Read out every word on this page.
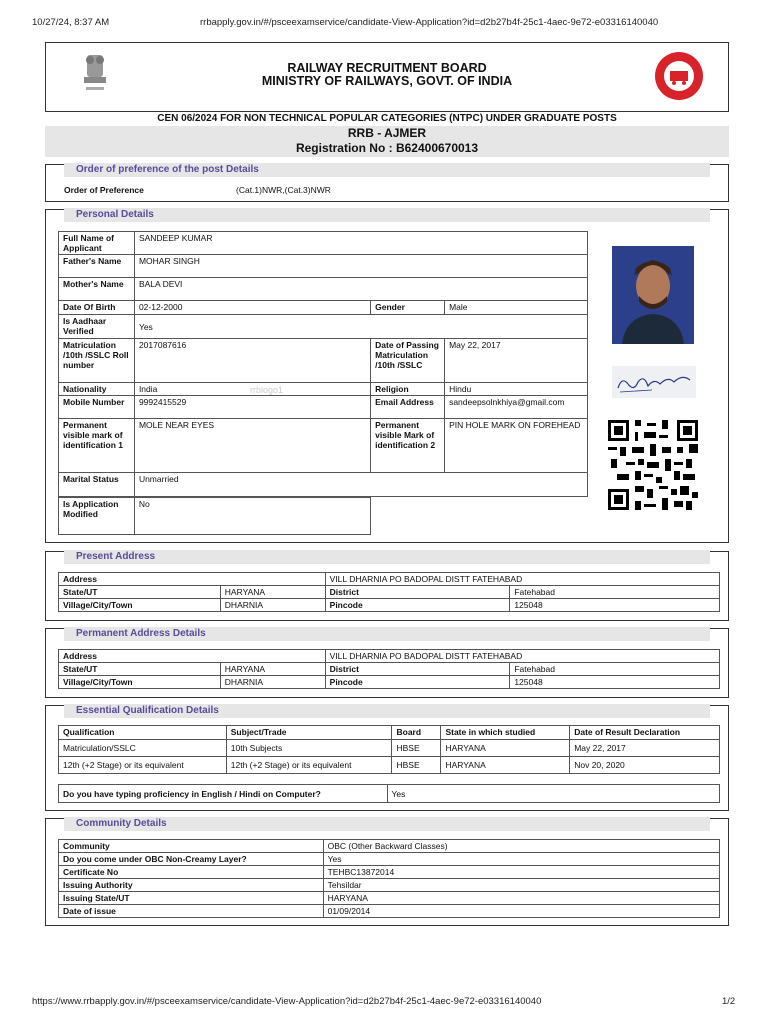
10/27/24, 8:37 AM	rrbapply.gov.in/#/psceexamservice/candidate-View-Application?id=d2b27b4f-25c1-4aec-9e72-e03316140040
RAILWAY RECRUITMENT BOARD
MINISTRY OF RAILWAYS, GOVT. OF INDIA
CEN 06/2024 FOR NON TECHNICAL POPULAR CATEGORIES (NTPC) UNDER GRADUATE POSTS
RRB - AJMER
Registration No : B62400670013
Order of preference of the post Details
Order of Preference	(Cat.1)NWR,(Cat.3)NWR
Personal Details
Full Name of Applicant	SANDEEP KUMAR		
Father's Name	MOHAR SINGH		
Mother's Name	BALA DEVI		
Date Of Birth	02-12-2000	Gender	Male
Is Aadhaar Verified	Yes		
Matriculation /10th /SSLC Roll number	2017087616	Date of Passing Matriculation /10th /SSLC	May 22, 2017
Nationality	India	Religion	Hindu
Mobile Number	9992415529	Email Address	sandeepsolnkhiya@gmail.com
Permanent visible mark of identification 1	MOLE NEAR EYES	Permanent visible Mark of identification 2	PIN HOLE MARK ON FOREHEAD
Marital Status	Unmarried		
Is Application Modified	No
rrblogo1
Present Address
Address		VILL DHARNIA PO BADOPAL DISTT FATEHABAD	
State/UT	HARYANA	District	Fatehabad
Village/City/Town	DHARNIA	Pincode	125048
Permanent Address Details
Address		VILL DHARNIA PO BADOPAL DISTT FATEHABAD	
State/UT	HARYANA	District	Fatehabad
Village/City/Town	DHARNIA	Pincode	125048
Essential Qualification Details
Qualification	Subject/Trade	Board	State in which studied	Date of Result Declaration
Matriculation/SSLC	10th Subjects	HBSE	HARYANA	May 22, 2017
12th (+2 Stage) or its equivalent	12th (+2 Stage) or its equivalent	HBSE	HARYANA	Nov 20, 2020
Do you have typing proficiency in English / Hindi on Computer?	Yes
Community Details
Community	OBC (Other Backward Classes)
Do you come under OBC Non-Creamy Layer?	Yes
Certificate No	TEHBC13872014
Issuing Authority	Tehsildar
Issuing State/UT	HARYANA
Date of issue	01/09/2014
https://www.rrbapply.gov.in/#/psceexamservice/candidate-View-Application?id=d2b27b4f-25c1-4aec-9e72-e03316140040	1/2
